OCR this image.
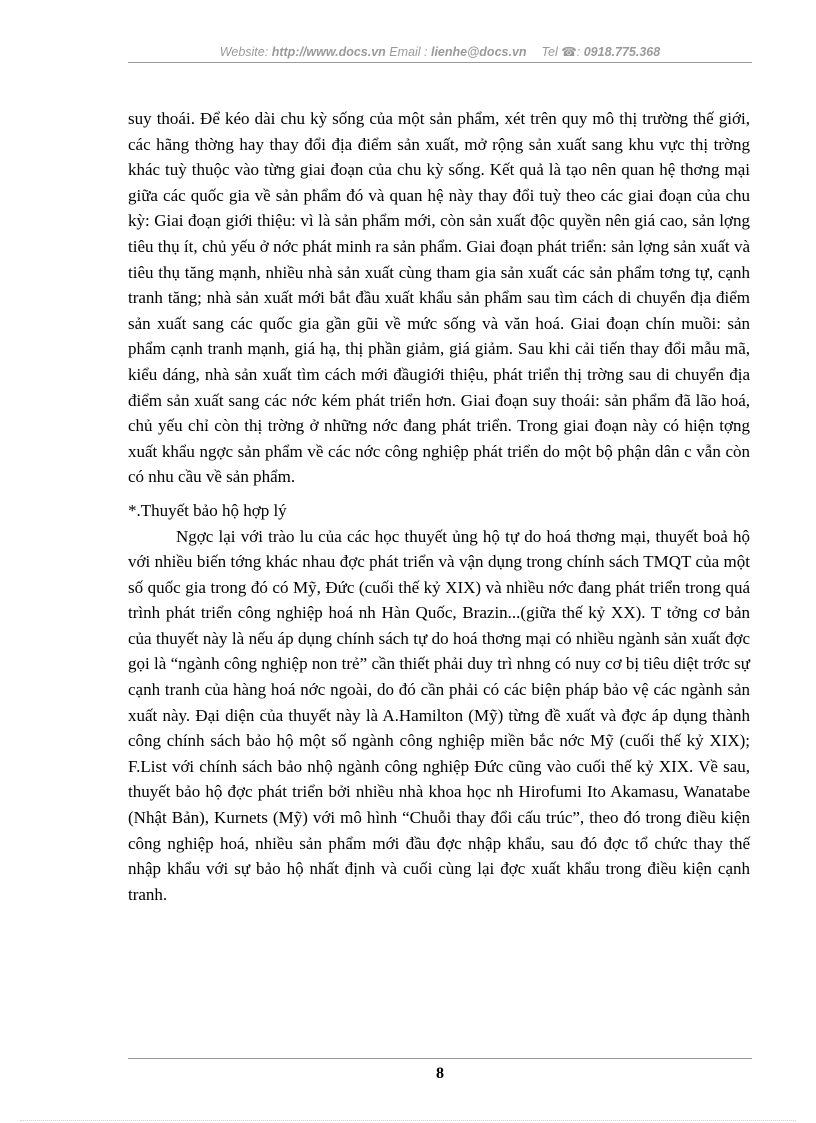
Website: http://www.docs.vn Email : lienhe@docs.vn Tel ☎: 0918.775.368

suy thoái. Để kéo dài chu kỳ sống của một sản phẩm, xét trên quy mô thị trường thế giới, các hãng thờng hay thay đổi địa điểm sản xuất, mở rộng sản xuất sang khu vực thị trờng khác tuỳ thuộc vào từng giai đoạn của chu kỳ sống. Kết quả là tạo nên quan hệ thơng mại giữa các quốc gia về sản phẩm đó và quan hệ này thay đổi tuỳ theo các giai đoạn của chu kỳ: Giai đoạn giới thiệu: vì là sản phẩm mới, còn sản xuất độc quyền nên giá cao, sản lợng tiêu thụ ít, chủ yếu ở nớc phát minh ra sản phẩm. Giai đoạn phát triển: sản lợng sản xuất và tiêu thụ tăng mạnh, nhiều nhà sản xuất cùng tham gia sản xuất các sản phẩm tơng tự, cạnh tranh tăng; nhà sản xuất mới bắt đầu xuất khẩu sản phẩm sau tìm cách di chuyển địa điểm sản xuất sang các quốc gia gần gũi về mức sống và văn hoá. Giai đoạn chín muồi: sản phẩm cạnh tranh mạnh, giá hạ, thị phần giảm, giá giảm. Sau khi cải tiến thay đổi mẫu mã, kiểu dáng, nhà sản xuất tìm cách mới đầugiới thiệu, phát triển thị trờng sau di chuyển địa điểm sản xuất sang các nớc kém phát triển hơn. Giai đoạn suy thoái: sản phẩm đã lão hoá, chủ yếu chỉ còn thị trờng ở những nớc đang phát triển. Trong giai đoạn này có hiện tợng xuất khẩu ngợc sản phẩm về các nớc công nghiệp phát triển do một bộ phận dân c vẫn còn có nhu cầu về sản phẩm.

*.Thuyết bảo hộ hợp lý

Ngợc lại với trào lu của các học thuyết ủng hộ tự do hoá thơng mại, thuyết boả hộ với nhiều biến tớng khác nhau đợc phát triển và vận dụng trong chính sách TMQT của một số quốc gia trong đó có Mỹ, Đức (cuối thế kỷ XIX) và nhiều nớc đang phát triển trong quá trình phát triển công nghiệp hoá nh Hàn Quốc, Brazin...(giữa thế kỷ XX). T tởng cơ bản của thuyết này là nếu áp dụng chính sách tự do hoá thơng mại có nhiều ngành sản xuất đợc gọi là “ngành công nghiệp non trẻ” cần thiết phải duy trì nhng có nuy cơ bị tiêu diệt trớc sự cạnh tranh của hàng hoá nớc ngoài, do đó cần phải có các biện pháp bảo vệ các ngành sản xuất này. Đại diện của thuyết này là A.Hamilton (Mỹ) từng đề xuất và đợc áp dụng thành công chính sách bảo hộ một số ngành công nghiệp miền bắc nớc Mỹ (cuối thế kỷ XIX); F.List với chính sách bảo nhộ ngành công nghiệp Đức cũng vào cuối thế kỷ XIX. Về sau, thuyết bảo hộ đợc phát triển bởi nhiều nhà khoa học nh Hirofumi Ito Akamasu, Wanatabe (Nhật Bản), Kurnets (Mỹ) với mô hình “Chuỗi thay đổi cấu trúc”, theo đó trong điều kiện công nghiệp hoá, nhiều sản phẩm mới đầu đợc nhập khẩu, sau đó đợc tổ chức thay thế nhập khẩu với sự bảo hộ nhất định và cuối cùng lại đợc xuất khẩu trong điều kiện cạnh tranh.

8
